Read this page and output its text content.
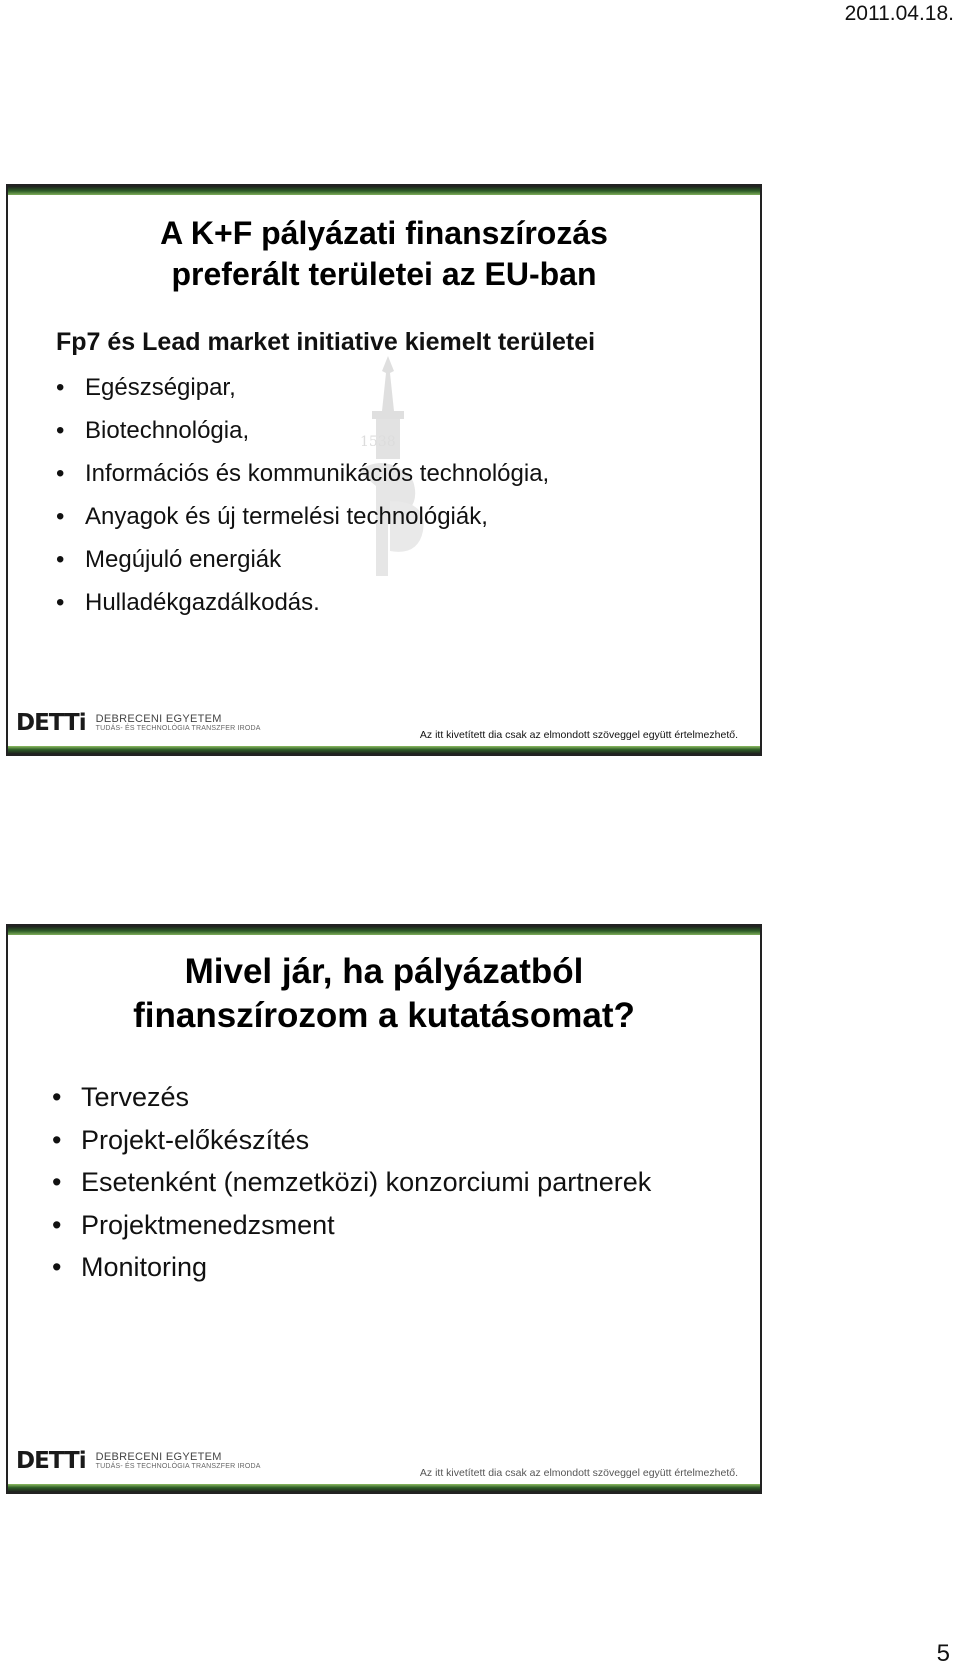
2011.04.18.
1538
A K+F pályázati finanszírozás
preferált területei az EU-ban
Fp7 és Lead market initiative kiemelt területei
• Egészségipar,
• Biotechnológia,
• Információs és kommunikációs technológia,
• Anyagok és új termelési technológiák,
• Megújuló energiák
• Hulladékgazdálkodás.
DETTi DEBRECENI EGYETEM
TUDÁS- ÉS TECHNOLÓGIA TRANSZFER IRODA
Az itt kivetített dia csak az elmondott szöveggel együtt értelmezhető.
Mivel jár, ha pályázatból
finanszírozom a kutatásomat?
• Tervezés
• Projekt-előkészítés
• Esetenként (nemzetközi) konzorciumi partnerek
• Projektmenedzsment
• Monitoring
DETTi DEBRECENI EGYETEM
TUDÁS- ÉS TECHNOLÓGIA TRANSZFER IRODA
Az itt kivetített dia csak az elmondott szöveggel együtt értelmezhető.
5
